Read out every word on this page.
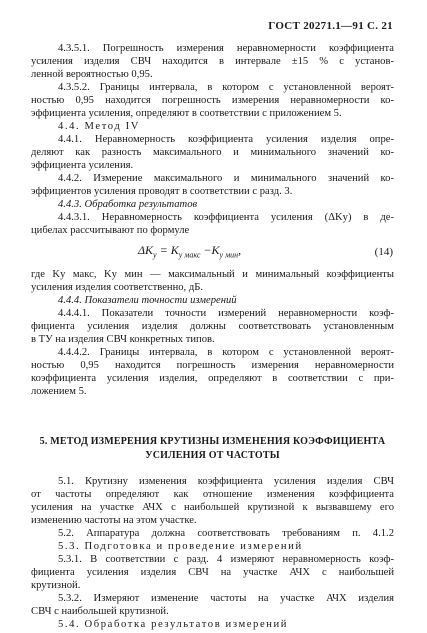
ГОСТ 20271.1—91 С. 21
4.3.5.1. Погрешность измерения неравномерности коэффициента
усиления изделия СВЧ находится в интервале ±15 % с установ-
ленной вероятностью 0,95.
4.3.5.2. Границы интервала, в котором с установленной вероят-
ностью 0,95 находится погрешность измерения неравномерности ко-
эффициента усиления, определяют в соответствии с приложением 5.
4.4. Метод IV
4.4.1. Неравномерность коэффициента усиления изделия опре-
деляют как разность максимального и минимального значений ко-
эффициента усиления.
4.4.2. Измерение максимального и минимального значений ко-
эффициентов усиления проводят в соответствии с разд. 3.
4.4.3. Обработка результатов
4.4.3.1. Неравномерность коэффициента усиления (ΔKу) в де-
цибелах рассчитывают по формуле
$\Delta K_у = K_{у макс} -K_{у мин}$,	(14)
где Kу макс, Kу мин — максимальный и минимальный коэффициенты
усиления изделия соответственно, дБ.
4.4.4. Показатели точности измерений
4.4.4.1. Показатели точности измерений неравномерности коэф-
фициента усиления изделия должны соответствовать установленным
в ТУ на изделия СВЧ конкретных типов.
4.4.4.2. Границы интервала, в котором с установленной вероят-
ностью 0,95 находится погрешность измерения неравномерности
коэффициента усиления изделия, определяют в соответствии с при-
ложением 5.
5. МЕТОД ИЗМЕРЕНИЯ КРУТИЗНЫ ИЗМЕНЕНИЯ КОЭФФИЦИЕНТА
УСИЛЕНИЯ ОТ ЧАСТОТЫ
5.1. Крутизну изменения коэффициента усиления изделия СВЧ
от частоты определяют как отношение изменения коэффициента
усиления на участке АЧХ с наибольшей крутизной к вызвавшему его
изменению частоты на этом участке.
5.2. Аппаратура должна соответствовать требованиям п. 4.1.2
5.3. Подготовка и проведение измерений
5.3.1. В соответствии с разд. 4 измеряют неравномерность коэф-
фициента усиления изделия СВЧ на участке АЧХ с наибольшей
крутизной.
5.3.2. Измеряют изменение частоты на участке АЧХ изделия
СВЧ с наибольшей крутизной.
5.4. Обработка результатов измерений
